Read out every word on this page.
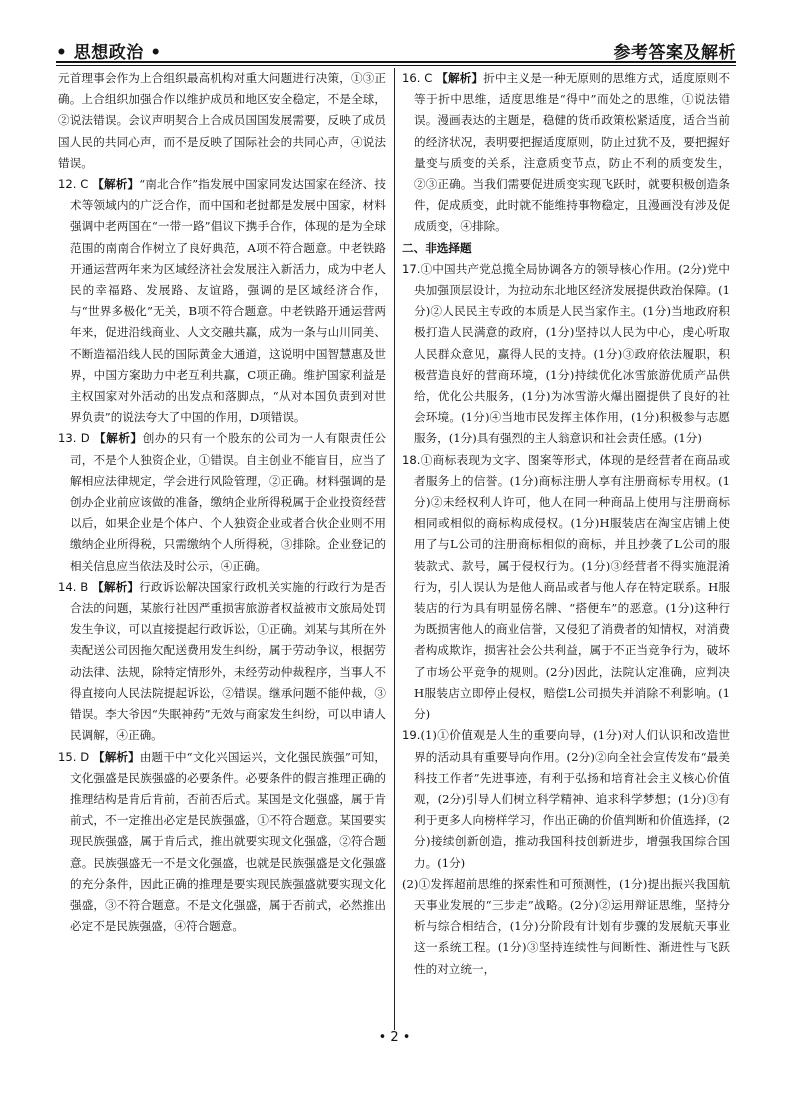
• 思想政治 •	参考答案及解析

元首理事会作为上合组织最高机构对重大问题进行决策，①③正确。上合组织加强合作以维护成员和地区安全稳定，不是全球，②说法错误。会议声明契合上合成员国国发展需要，反映了成员国人民的共同心声，而不是反映了国际社会的共同心声，④说法错误。

12. C 【解析】“南北合作”指发展中国家同发达国家在经济、技术等领域内的广泛合作，而中国和老挝都是发展中国家，材料强调中老两国在“一带一路”倡议下携手合作，体现的是为全球范围的南南合作树立了良好典范，A项不符合题意。中老铁路开通运营两年来为区域经济社会发展注入新活力，成为中老人民的幸福路、发展路、友谊路，强调的是区域经济合作，与“世界多极化”无关，B项不符合题意。中老铁路开通运营两年来，促进沿线商业、人文交融共赢，成为一条与山川同美、不断造福沿线人民的国际黄金大通道，这说明中国智慧惠及世界，中国方案助力中老互利共赢，C项正确。维护国家利益是主权国家对外活动的出发点和落脚点，“从对本国负责到对世界负责”的说法夸大了中国的作用，D项错误。

13. D 【解析】创办的只有一个股东的公司为一人有限责任公司，不是个人独资企业，①错误。自主创业不能盲目，应当了解相应法律规定，学会进行风险管理，②正确。材料强调的是创办企业前应该做的准备，缴纳企业所得税属于企业投资经营以后，如果企业是个体户、个人独资企业或者合伙企业则不用缴纳企业所得税，只需缴纳个人所得税，③排除。企业登记的相关信息应当依法及时公示，④正确。

14. B 【解析】行政诉讼解决国家行政机关实施的行政行为是否合法的问题，某旅行社因严重损害旅游者权益被市文旅局处罚发生争议，可以直接提起行政诉讼，①正确。刘某与其所在外卖配送公司因拖欠配送费用发生纠纷，属于劳动争议，根据劳动法律、法规，除特定情形外，未经劳动仲裁程序，当事人不得直接向人民法院提起诉讼，②错误。继承问题不能仲裁，③错误。李大爷因“失眠神药”无效与商家发生纠纷，可以申请人民调解，④正确。

15. D 【解析】由题干中“文化兴国运兴，文化强民族强”可知，文化强盛是民族强盛的必要条件。必要条件的假言推理正确的推理结构是肯后肯前，否前否后式。某国是文化强盛，属于肯前式，不一定推出必定是民族强盛，①不符合题意。某国要实现民族强盛，属于肯后式，推出就要实现文化强盛，②符合题意。民族强盛无一不是文化强盛，也就是民族强盛是文化强盛的充分条件，因此正确的推理是要实现民族强盛就要实现文化强盛，③不符合题意。不是文化强盛，属于否前式，必然推出必定不是民族强盛，④符合题意。

16. C 【解析】折中主义是一种无原则的思维方式，适度原则不等于折中思维，适度思维是“得中”而处之的思维，①说法错误。漫画表达的主题是，稳健的货币政策松紧适度，适合当前的经济状况，表明要把握适度原则，防止过犹不及，要把握好量变与质变的关系，注意质变节点，防止不利的质变发生，②③正确。当我们需要促进质变实现飞跃时，就要积极创造条件，促成质变，此时就不能维持事物稳定，且漫画没有涉及促成质变，④排除。

二、非选择题

17.①中国共产党总揽全局协调各方的领导核心作用。(2分)党中央加强顶层设计，为拉动东北地区经济发展提供政治保障。(1分)②人民民主专政的本质是人民当家作主。(1分)当地政府积极打造人民满意的政府，(1分)坚持以人民为中心，虔心听取人民群众意见，赢得人民的支持。(1分)③政府依法履职，积极营造良好的营商环境，(1分)持续优化冰雪旅游优质产品供给，优化公共服务，(1分)为冰雪游火爆出圈提供了良好的社会环境。(1分)④当地市民发挥主体作用，(1分)积极参与志愿服务，(1分)具有强烈的主人翁意识和社会责任感。(1分)

18.①商标表现为文字、图案等形式，体现的是经营者在商品或者服务上的信誉。(1分)商标注册人享有注册商标专用权。(1分)②未经权利人许可，他人在同一种商品上使用与注册商标相同或相似的商标构成侵权。(1分)H服装店在淘宝店铺上使用了与L公司的注册商标相似的商标，并且抄袭了L公司的服装款式、款号，属于侵权行为。(1分)③经营者不得实施混淆行为，引人误认为是他人商品或者与他人存在特定联系。H服装店的行为具有明显傍名牌、“搭便车”的恶意。(1分)这种行为既损害他人的商业信誉，又侵犯了消费者的知情权，对消费者构成欺诈，损害社会公共利益，属于不正当竞争行为，破坏了市场公平竞争的规则。(2分)因此，法院认定准确，应判决H服装店立即停止侵权，赔偿L公司损失并消除不利影响。(1分)

19.(1)①价值观是人生的重要向导，(1分)对人们认识和改造世界的活动具有重要导向作用。(2分)②向全社会宣传发布“最美科技工作者”先进事迹，有利于弘扬和培育社会主义核心价值观，(2分)引导人们树立科学精神、追求科学梦想；(1分)③有利于更多人向榜样学习，作出正确的价值判断和价值选择，(2分)接续创新创造，推动我国科技创新进步，增强我国综合国力。(1分)

(2)①发挥超前思维的探索性和可预测性，(1分)提出振兴我国航天事业发展的“三步走”战略。(2分)②运用辩证思维，坚持分析与综合相结合，(1分)分阶段有计划有步骤的发展航天事业这一系统工程。(1分)③坚持连续性与间断性、渐进性与飞跃性的对立统一，

• 2 •
